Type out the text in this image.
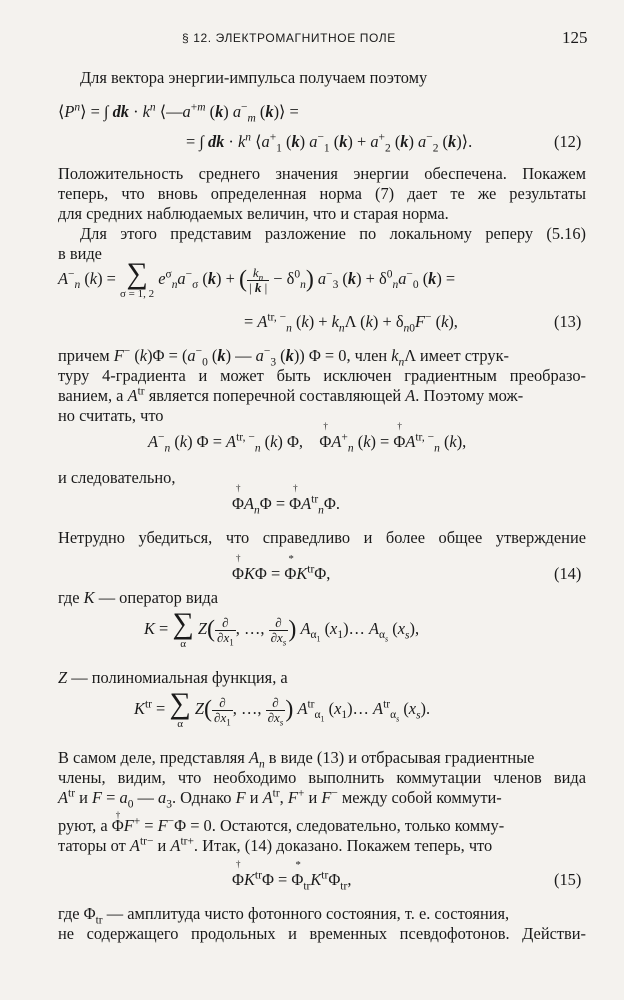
§ 12. ЭЛЕКТРОМАГНИТНОЕ ПОЛЕ	125
Для вектора энергии-импульса получаем поэтому
$⟨P^n⟩$ = ∫ dk · $k^n$ $⟨—a^{+m}$ (k) $a^-_m$ (k)⟩ =
= ∫ dk · $k^n$ $⟨a^+_1$ (k) $a^-_1$ $(k) + a^+_2$ (k) $a^-_2$ (k)⟩.	(12)
Положительность среднего значения энергии обеспечена. Покажем
теперь, что вновь определенная норма (7) дает те же результаты
для средних наблюдаемых величин, что и старая норма.
Для этого представим разложение по локальному реперу (5.16)
в виде
$A^-_n$ (k) = ∑
σ = 1, 2
$e^\sigma_na^-_\sigma$ (k) + ( $\frac{k_n}{| k |} - \delta^0_n$) $a^-_3$ $(k) + \delta^0_na^-_0$ (k) =
= $A^{tr, -}_n$ $(k) + k_n\Lambda$ $(k) + \delta_{n0}F^-$ (k),	(13)
причем F− $(k)\Phi = (a^-_0$ (k) — $a^-_3$ (k)) Φ = 0, член $k_n\Lambda$ имеет струк-
туру 4-градиента и может быть исключен градиентным преобразо-
ванием, а $A^{tr}$ является поперечной составляющей A. Поэтому мож-
но считать, что
$A^-_n$ (k) $\Phi = A^{tr, -}_n$ (k) Φ,    † $\Phi A^+_n$ (k) = † $\Phi A^{tr, -}_n$ (k),
и следовательно,
† $\Phi A_n\Phi$ = † $\Phi A^{tr}_n\Phi$.
Нетрудно убедиться, что справедливо и более общее утверждение
† ΦKΦ = * $\Phi K^{tr}\Phi$,	(14)
где K — оператор вида
K = ∑
α
$Z( \frac{\partial}{\partial x_1}$ , …, $\frac{\partial}{\partial x_s}$ ) $A_{\alpha_1}$ $(x_1)\dots$ $A_{\alpha_s}$ $(x_s)$,
Z — полиномиальная функция, а
$K^{tr}$ = ∑
α
$Z( \frac{\partial}{\partial x_1}$ , …, $\frac{\partial}{\partial x_s}$ ) $A^{tr}_{\alpha_1}$ $(x_1)\dots$ $A^{tr}_{\alpha_s}$ $(x_s)$.
В самом деле, представляя $A_n$ в виде (13) и отбрасывая градиентные
члены, видим, что необходимо выполнить коммутации членов вида
$A^{tr}$ и $F = a_0$ — $a_3$. Однако F и $A^{tr}$, F+ и F− между собой коммути-
руют, а † ΦF+ = F−Φ = 0. Остаются, следовательно, только комму-
таторы от $A^{tr-}$ и $A^{tr+}$. Итак, (14) доказано. Покажем теперь, что
† $\Phi K^{tr}\Phi$ = * $\Phi_{tr}K^{tr}\Phi_{tr}$,	(15)
где $\Phi_{tr}$ — амплитуда чисто фотонного состояния, т. е. состояния,
не содержащего продольных и временных псевдофотонов. Действи-
